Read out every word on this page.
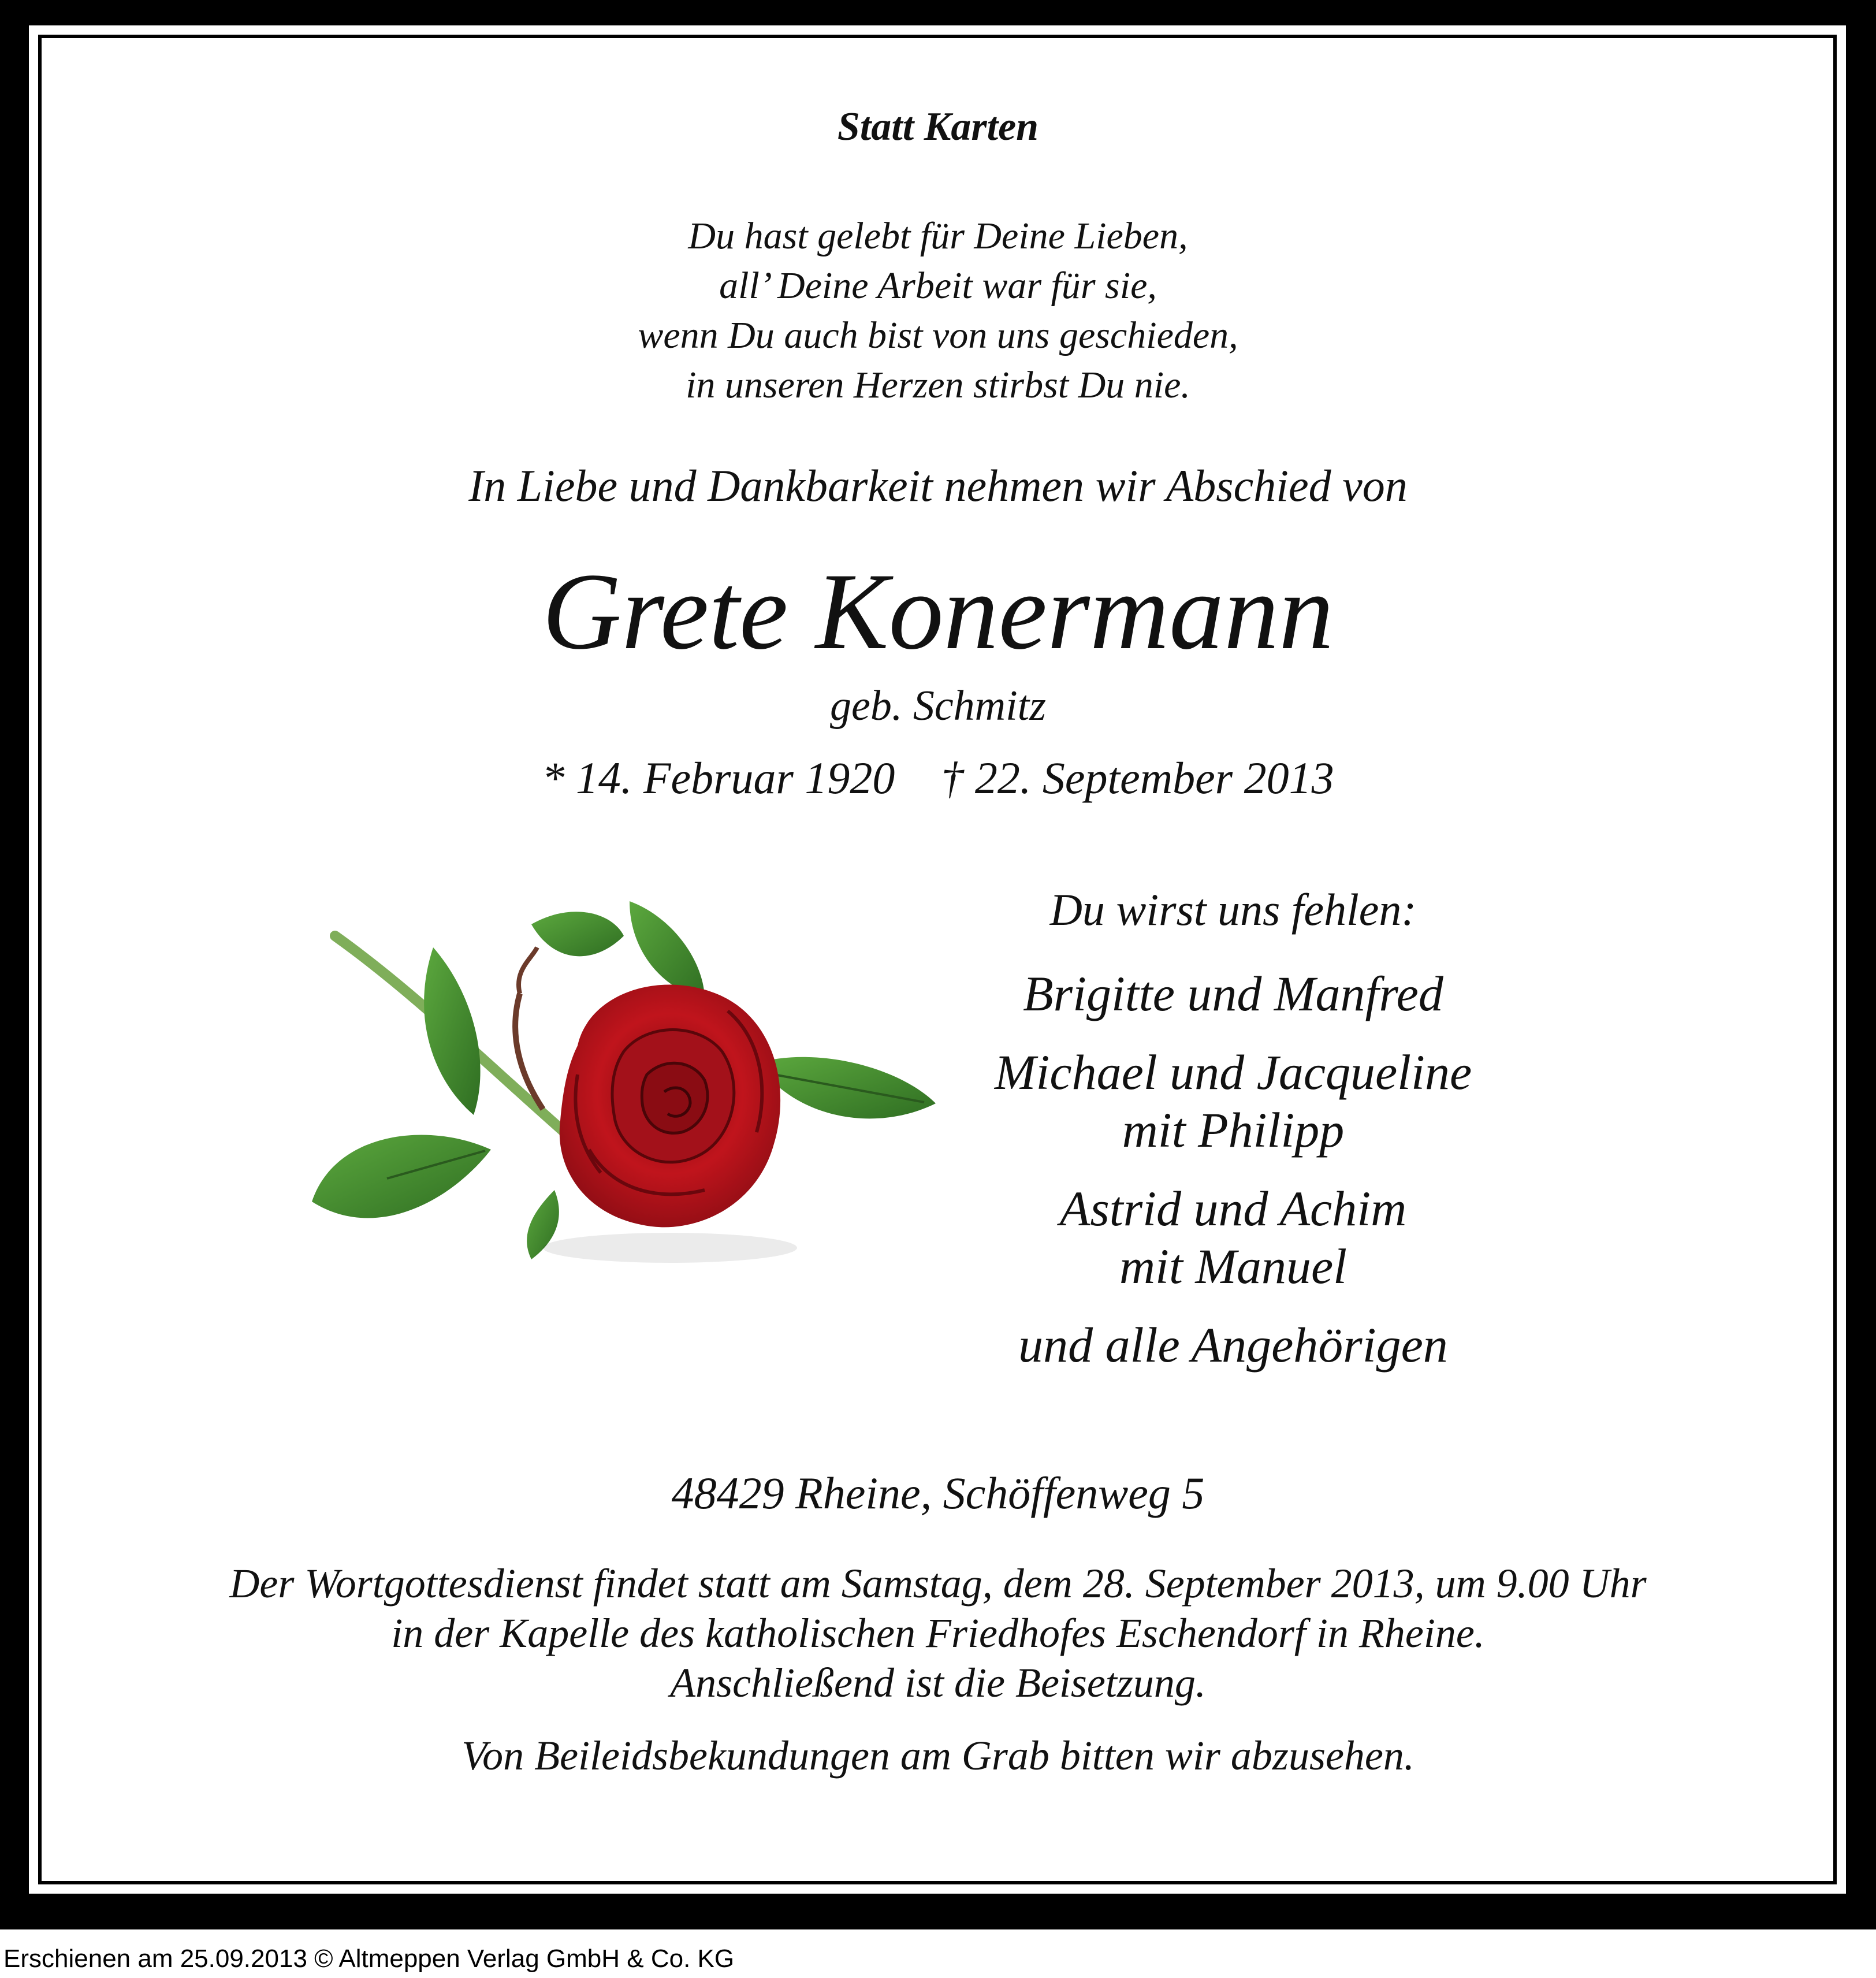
Statt Karten
Du hast gelebt für Deine Lieben,
all’ Deine Arbeit war für sie,
wenn Du auch bist von uns geschieden,
in unseren Herzen stirbst Du nie.
In Liebe und Dankbarkeit nehmen wir Abschied von
Grete Konermann
geb. Schmitz
* 14. Februar 1920 † 22. September 2013
Du wirst uns fehlen:
Brigitte und Manfred
Michael und Jacqueline
mit Philipp
Astrid und Achim
mit Manuel
und alle Angehörigen
48429 Rheine, Schöffenweg 5
Der Wortgottesdienst findet statt am Samstag, dem 28. September 2013, um 9.00 Uhr
in der Kapelle des katholischen Friedhofes Eschendorf in Rheine.
Anschließend ist die Beisetzung.
Von Beileidsbekundungen am Grab bitten wir abzusehen.
Erschienen am 25.09.2013 © Altmeppen Verlag GmbH & Co. KG
